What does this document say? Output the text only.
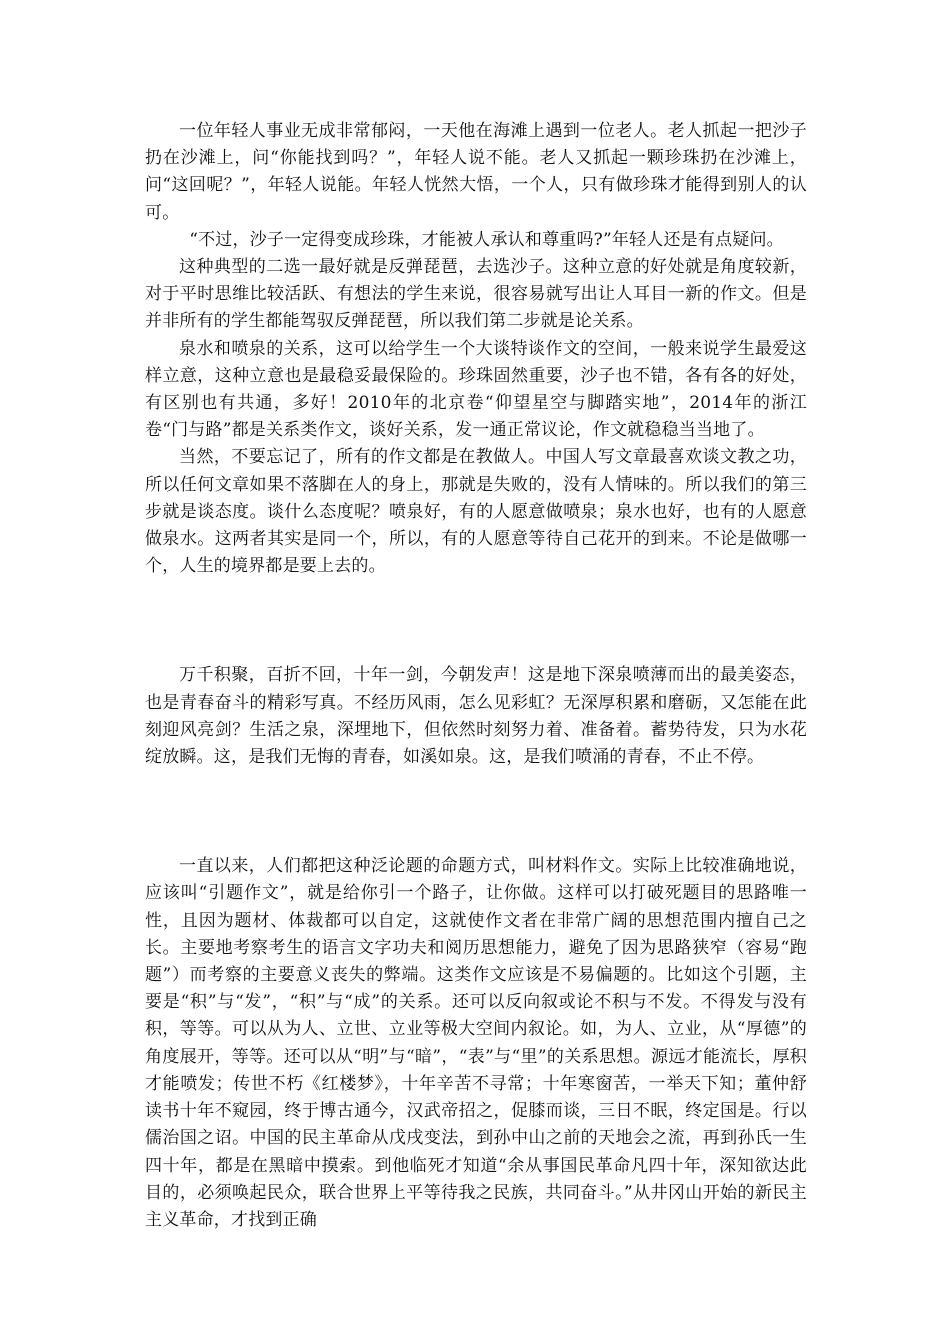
一位年轻人事业无成非常郁闷，一天他在海滩上遇到一位老人。老人抓起一把沙子扔在沙滩上，问“你能找到吗？”，年轻人说不能。老人又抓起一颗珍珠扔在沙滩上，问“这回呢？”，年轻人说能。年轻人恍然大悟，一个人，只有做珍珠才能得到别人的认可。

“不过，沙子一定得变成珍珠，才能被人承认和尊重吗?”年轻人还是有点疑问。

这种典型的二选一最好就是反弹琵琶，去选沙子。这种立意的好处就是角度较新，对于平时思维比较活跃、有想法的学生来说，很容易就写出让人耳目一新的作文。但是并非所有的学生都能驾驭反弹琵琶，所以我们第二步就是论关系。

泉水和喷泉的关系，这可以给学生一个大谈特谈作文的空间，一般来说学生最爱这样立意，这种立意也是最稳妥最保险的。珍珠固然重要，沙子也不错，各有各的好处，有区别也有共通，多好！2010年的北京卷“仰望星空与脚踏实地”，2014年的浙江卷“门与路”都是关系类作文，谈好关系，发一通正常议论，作文就稳稳当当地了。

当然，不要忘记了，所有的作文都是在教做人。中国人写文章最喜欢谈文教之功，所以任何文章如果不落脚在人的身上，那就是失败的，没有人情味的。所以我们的第三步就是谈态度。谈什么态度呢？喷泉好，有的人愿意做喷泉；泉水也好，也有的人愿意做泉水。这两者其实是同一个，所以，有的人愿意等待自己花开的到来。不论是做哪一个，人生的境界都是要上去的。

万千积聚，百折不回，十年一剑，今朝发声！这是地下深泉喷薄而出的最美姿态，也是青春奋斗的精彩写真。不经历风雨，怎么见彩虹？无深厚积累和磨砺，又怎能在此刻迎风亮剑？生活之泉，深埋地下，但依然时刻努力着、准备着。蓄势待发，只为水花绽放瞬。这，是我们无悔的青春，如溪如泉。这，是我们喷涌的青春，不止不停。

一直以来，人们都把这种泛论题的命题方式，叫材料作文。实际上比较准确地说，应该叫“引题作文”，就是给你引一个路子，让你做。这样可以打破死题目的思路唯一性，且因为题材、体裁都可以自定，这就使作文者在非常广阔的思想范围内擅自己之长。主要地考察考生的语言文字功夫和阅历思想能力，避免了因为思路狭窄（容易“跑题”）而考察的主要意义丧失的弊端。这类作文应该是不易偏题的。比如这个引题，主要是“积”与“发”，“积”与“成”的关系。还可以反向叙或论不积与不发。不得发与没有积，等等。可以从为人、立世、立业等极大空间内叙论。如，为人、立业，从“厚德”的角度展开，等等。还可以从“明”与“暗”，“表”与“里”的关系思想。源远才能流长，厚积才能喷发；传世不朽《红楼梦》，十年辛苦不寻常；十年寒窗苦，一举天下知；董仲舒读书十年不窥园，终于博古通今，汉武帝招之，促膝而谈，三日不眠，终定国是。行以儒治国之诏。中国的民主革命从戊戌变法，到孙中山之前的天地会之流，再到孙氏一生四十年，都是在黑暗中摸索。到他临死才知道“余从事国民革命凡四十年，深知欲达此目的，必须唤起民众，联合世界上平等待我之民族，共同奋斗。”从井冈山开始的新民主主义革命，才找到正确
